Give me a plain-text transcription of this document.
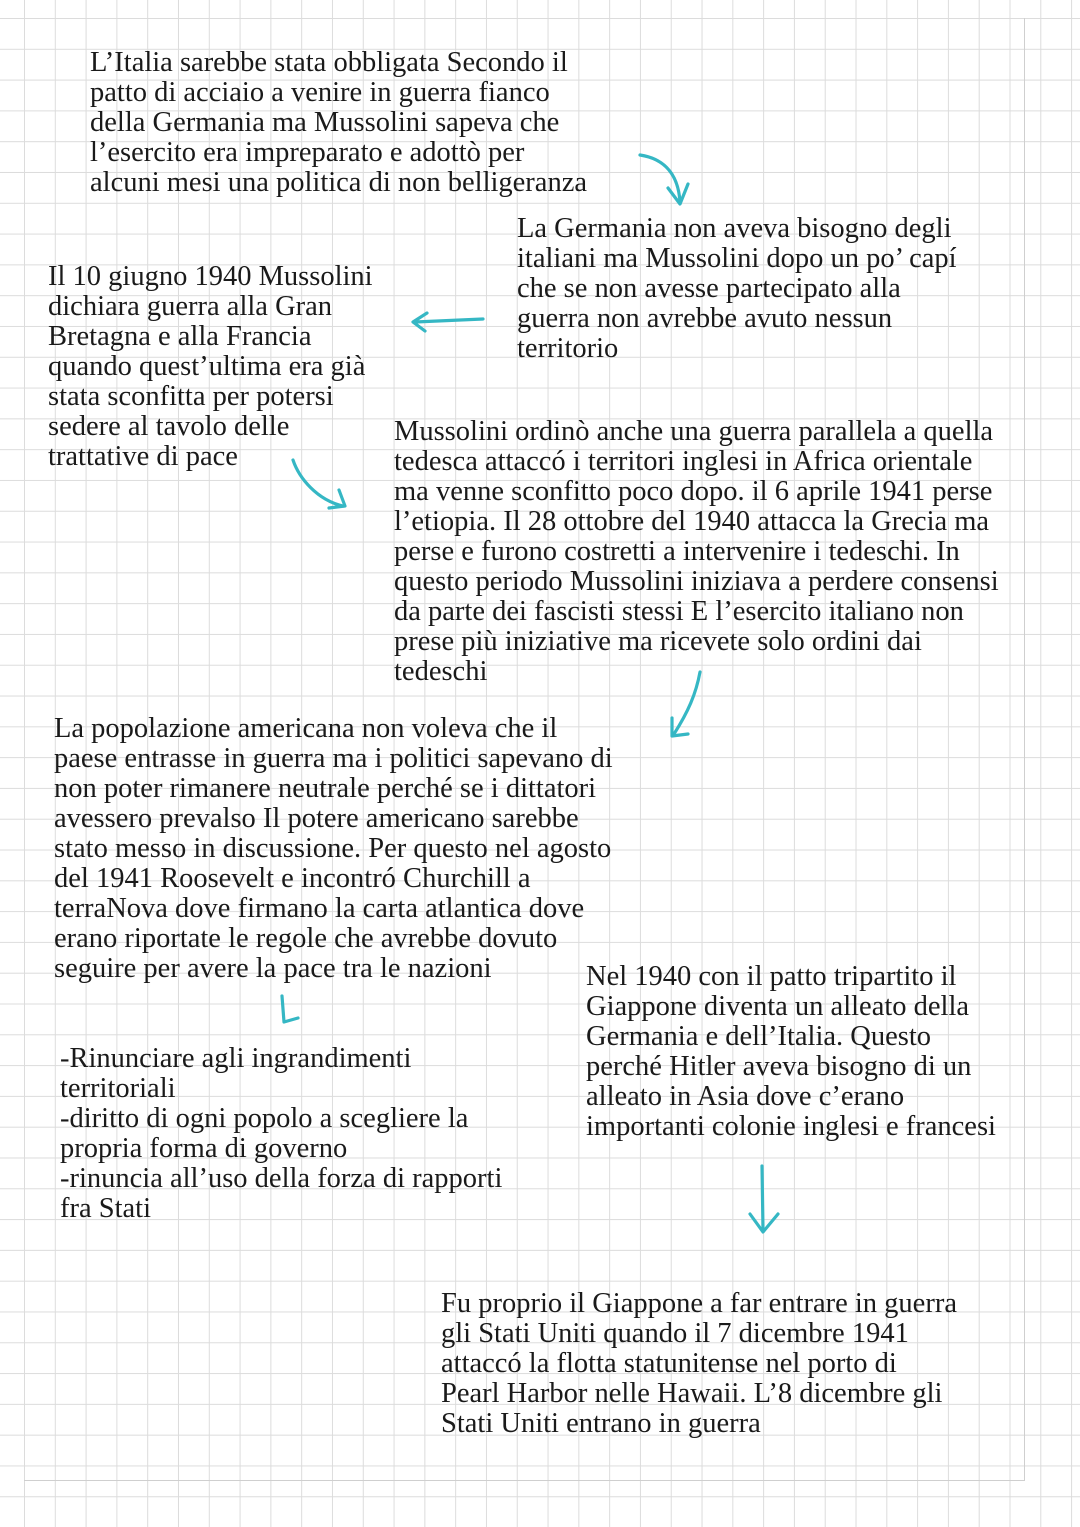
L’Italia sarebbe stata obbligata Secondo il
patto di acciaio a venire in guerra fianco
della Germania ma Mussolini sapeva che
l’esercito era impreparato e adottò per
alcuni mesi una politica di non belligeranza

La Germania non aveva bisogno degli
italiani ma Mussolini dopo un po’ capí
che se non avesse partecipato alla
guerra non avrebbe avuto nessun
territorio

Il 10 giugno 1940 Mussolini
dichiara guerra alla Gran
Bretagna e alla Francia
quando quest’ultima era già
stata sconfitta per potersi
sedere al tavolo delle
trattative di pace

Mussolini ordinò anche una guerra parallela a quella
tedesca attaccó i territori inglesi in Africa orientale
ma venne sconfitto poco dopo. il 6 aprile 1941 perse
l’etiopia. Il 28 ottobre del 1940 attacca la Grecia ma
perse e furono costretti a intervenire i tedeschi. In
questo periodo Mussolini iniziava a perdere consensi
da parte dei fascisti stessi E l’esercito italiano non
prese più iniziative ma ricevete solo ordini dai
tedeschi

La popolazione americana non voleva che il
paese entrasse in guerra ma i politici sapevano di
non poter rimanere neutrale perché se i dittatori
avessero prevalso Il potere americano sarebbe
stato messo in discussione. Per questo nel agosto
del 1941 Roosevelt e incontró Churchill a
terraNova dove firmano la carta atlantica dove
erano riportate le regole che avrebbe dovuto
seguire per avere la pace tra le nazioni

-Rinunciare agli ingrandimenti
territoriali
-diritto di ogni popolo a scegliere la
propria forma di governo
-rinuncia all’uso della forza di rapporti
fra Stati

Nel 1940 con il patto tripartito il
Giappone diventa un alleato della
Germania e dell’Italia. Questo
perché Hitler aveva bisogno di un
alleato in Asia dove c’erano
importanti colonie inglesi e francesi

Fu proprio il Giappone a far entrare in guerra
gli Stati Uniti quando il 7 dicembre 1941
attaccó la flotta statunitense nel porto di
Pearl Harbor nelle Hawaii. L’8 dicembre gli
Stati Uniti entrano in guerra
